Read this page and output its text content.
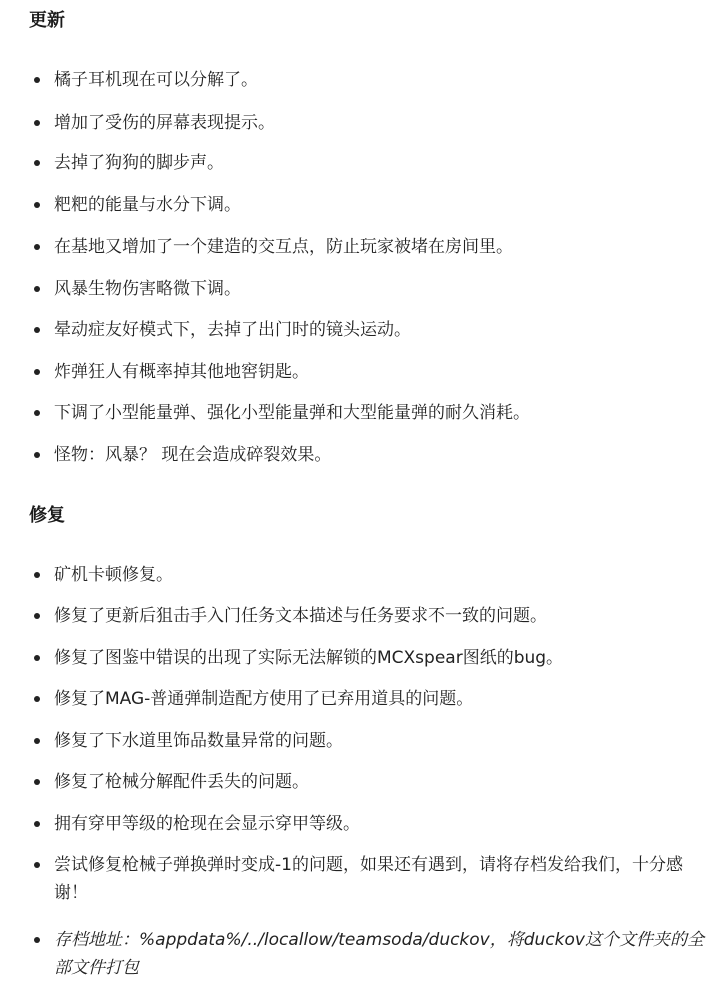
更新
橘子耳机现在可以分解了。
增加了受伤的屏幕表现提示。
去掉了狗狗的脚步声。
粑粑的能量与水分下调。
在基地又增加了一个建造的交互点，防止玩家被堵在房间里。
风暴生物伤害略微下调。
晕动症友好模式下，去掉了出门时的镜头运动。
炸弹狂人有概率掉其他地窖钥匙。
下调了小型能量弹、强化小型能量弹和大型能量弹的耐久消耗。
怪物：风暴？ 现在会造成碎裂效果。
修复
矿机卡顿修复。
修复了更新后狙击手入门任务文本描述与任务要求不一致的问题。
修复了图鉴中错误的出现了实际无法解锁的MCXspear图纸的bug。
修复了MAG-普通弹制造配方使用了已弃用道具的问题。
修复了下水道里饰品数量异常的问题。
修复了枪械分解配件丢失的问题。
拥有穿甲等级的枪现在会显示穿甲等级。
尝试修复枪械子弹换弹时变成-1的问题，如果还有遇到，请将存档发给我们，十分感谢！
存档地址：%appdata%/../locallow/teamsoda/duckov，将duckov这个文件夹的全部文件打包
